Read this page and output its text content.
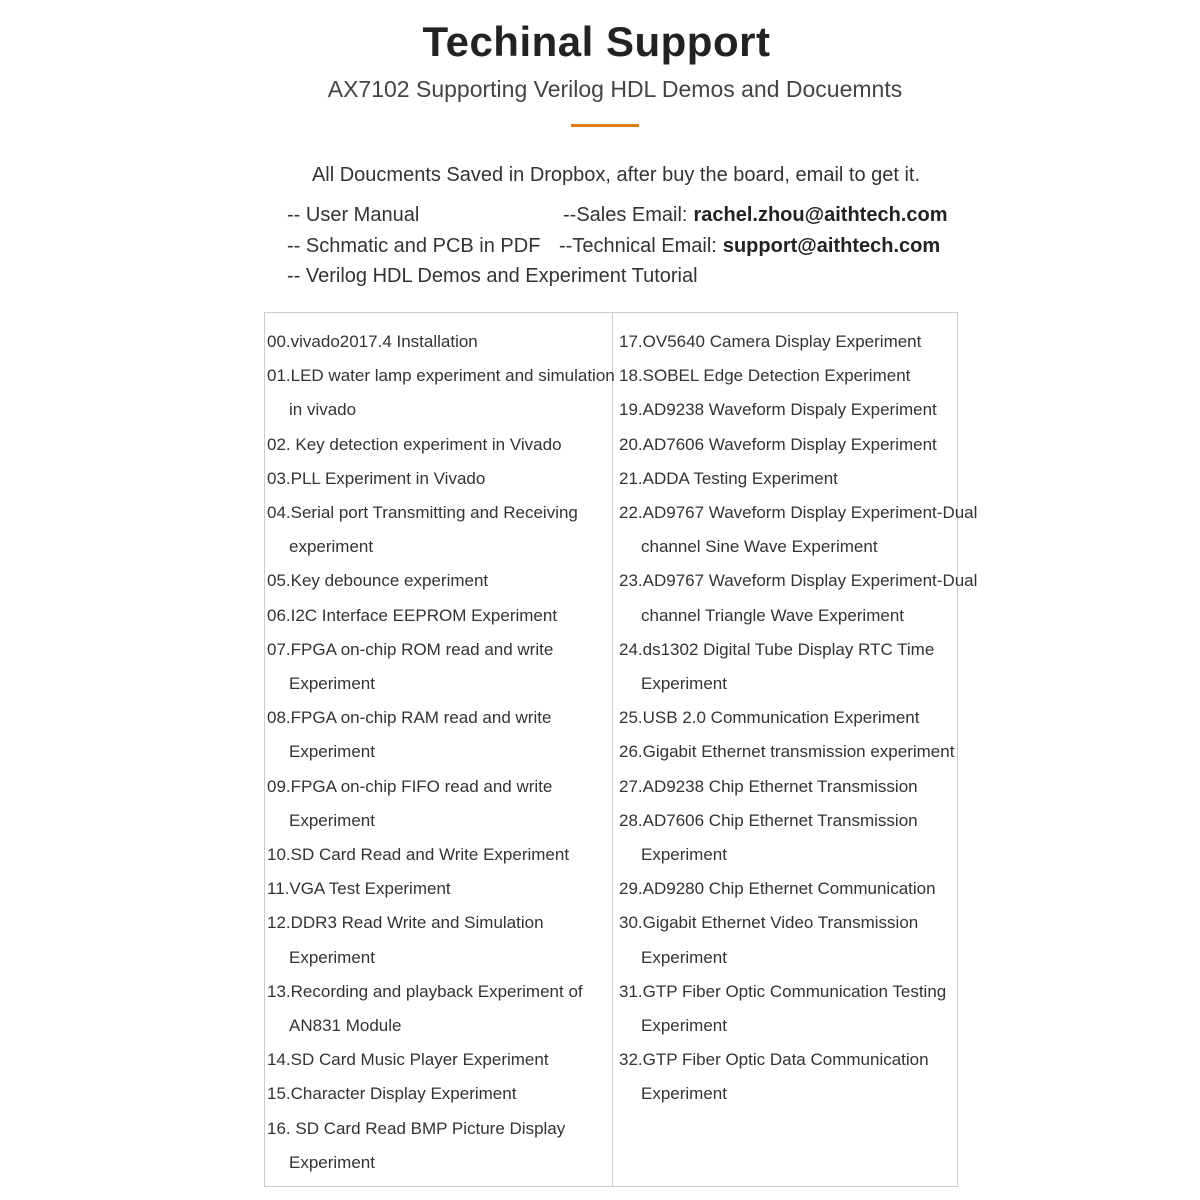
Techinal Support
AX7102 Supporting Verilog HDL Demos and Docuemnts
All Doucments Saved in Dropbox, after buy the board, email to get it.
-- User Manual
-- Schmatic and PCB in PDF
-- Verilog HDL Demos and Experiment Tutorial
--Sales Email: rachel.zhou@aithtech.com
--Technical Email: support@aithtech.com
00.vivado2017.4 Installation
01.LED water lamp experiment and simulation
in vivado
02. Key detection experiment in Vivado
03.PLL Experiment in Vivado
04.Serial port Transmitting and Receiving
experiment
05.Key debounce experiment
06.I2C Interface EEPROM Experiment
07.FPGA on-chip ROM read and write
Experiment
08.FPGA on-chip RAM read and write
Experiment
09.FPGA on-chip FIFO read and write
Experiment
10.SD Card Read and Write Experiment
11.VGA Test Experiment
12.DDR3 Read Write and Simulation
Experiment
13.Recording and playback Experiment of
AN831 Module
14.SD Card Music Player Experiment
15.Character Display Experiment
16. SD Card Read BMP Picture Display
Experiment
17.OV5640 Camera Display Experiment
18.SOBEL Edge Detection Experiment
19.AD9238 Waveform Dispaly Experiment
20.AD7606 Waveform Display Experiment
21.ADDA Testing Experiment
22.AD9767 Waveform Display Experiment-Dual
channel Sine Wave Experiment
23.AD9767 Waveform Display Experiment-Dual
channel Triangle Wave Experiment
24.ds1302 Digital Tube Display RTC Time
Experiment
25.USB 2.0 Communication Experiment
26.Gigabit Ethernet transmission experiment
27.AD9238 Chip Ethernet Transmission
28.AD7606 Chip Ethernet Transmission
Experiment
29.AD9280 Chip Ethernet Communication
30.Gigabit Ethernet Video Transmission
Experiment
31.GTP Fiber Optic Communication Testing
Experiment
32.GTP Fiber Optic Data Communication
Experiment
